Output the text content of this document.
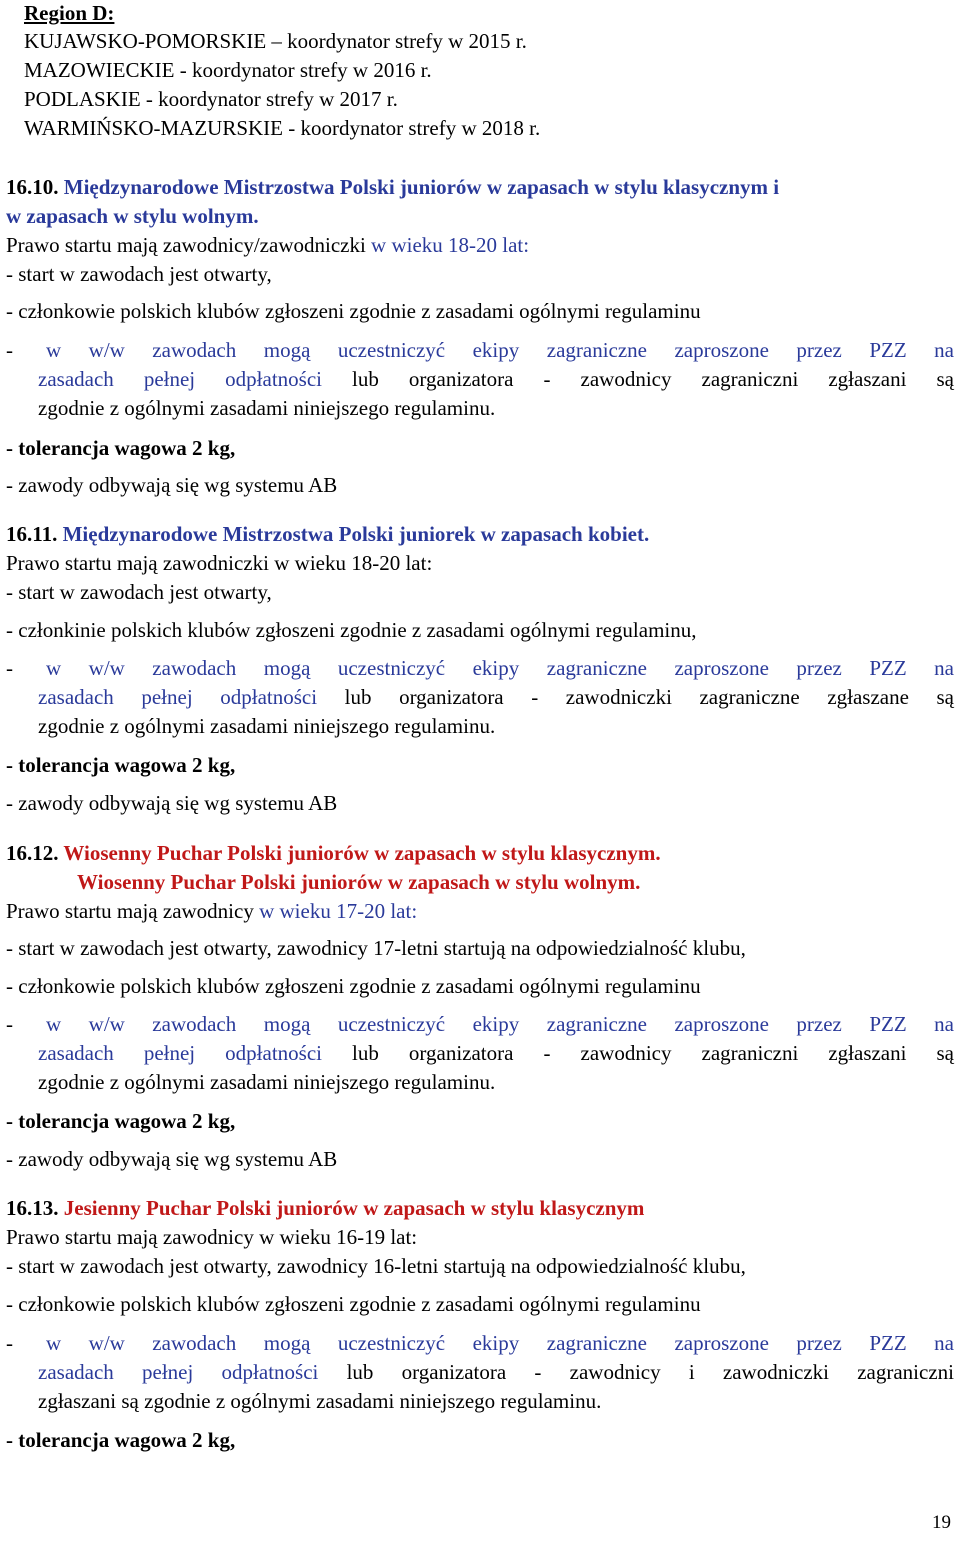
Region D:
KUJAWSKO-POMORSKIE – koordynator strefy w 2015 r.
MAZOWIECKIE - koordynator strefy w 2016 r.
PODLASKIE - koordynator strefy w 2017 r.
WARMIŃSKO-MAZURSKIE - koordynator strefy w 2018 r.
16.10. Międzynarodowe Mistrzostwa Polski juniorów w zapasach w stylu klasycznym i
w zapasach w stylu wolnym.
Prawo startu mają zawodnicy/zawodniczki w wieku 18-20 lat:
- start w zawodach jest otwarty,
- członkowie polskich klubów zgłoszeni zgodnie z zasadami ogólnymi regulaminu
-	w w/w zawodach mogą uczestniczyć ekipy zagraniczne zaproszone przez PZZ na
zasadach pełnej odpłatności lub organizatora - zawodnicy zagraniczni zgłaszani są
zgodnie z ogólnymi zasadami niniejszego regulaminu.
- tolerancja wagowa 2 kg,
- zawody odbywają się wg systemu AB
16.11. Międzynarodowe Mistrzostwa Polski juniorek w zapasach kobiet.
Prawo startu mają zawodniczki w wieku 18-20 lat:
- start w zawodach jest otwarty,
- członkinie polskich klubów zgłoszeni zgodnie z zasadami ogólnymi regulaminu,
-	w w/w zawodach mogą uczestniczyć ekipy zagraniczne zaproszone przez PZZ na
zasadach pełnej odpłatności lub organizatora - zawodniczki zagraniczne zgłaszane są
zgodnie z ogólnymi zasadami niniejszego regulaminu.
- tolerancja wagowa 2 kg,
- zawody odbywają się wg systemu AB
16.12. Wiosenny Puchar Polski juniorów w zapasach w stylu klasycznym.
Wiosenny Puchar Polski juniorów w zapasach w stylu wolnym.
Prawo startu mają zawodnicy w wieku 17-20 lat:
- start w zawodach jest otwarty, zawodnicy 17-letni startują na odpowiedzialność klubu,
- członkowie polskich klubów zgłoszeni zgodnie z zasadami ogólnymi regulaminu
-	w w/w zawodach mogą uczestniczyć ekipy zagraniczne zaproszone przez PZZ na
zasadach pełnej odpłatności lub organizatora - zawodnicy zagraniczni zgłaszani są
zgodnie z ogólnymi zasadami niniejszego regulaminu.
- tolerancja wagowa 2 kg,
- zawody odbywają się wg systemu AB
16.13. Jesienny Puchar Polski juniorów w zapasach w stylu klasycznym
Prawo startu mają zawodnicy w wieku 16-19 lat:
- start w zawodach jest otwarty, zawodnicy 16-letni startują na odpowiedzialność klubu,
- członkowie polskich klubów zgłoszeni zgodnie z zasadami ogólnymi regulaminu
-	w w/w zawodach mogą uczestniczyć ekipy zagraniczne zaproszone przez PZZ na
zasadach pełnej odpłatności lub organizatora - zawodnicy i zawodniczki zagraniczni
zgłaszani są zgodnie z ogólnymi zasadami niniejszego regulaminu.
- tolerancja wagowa 2 kg,
19
